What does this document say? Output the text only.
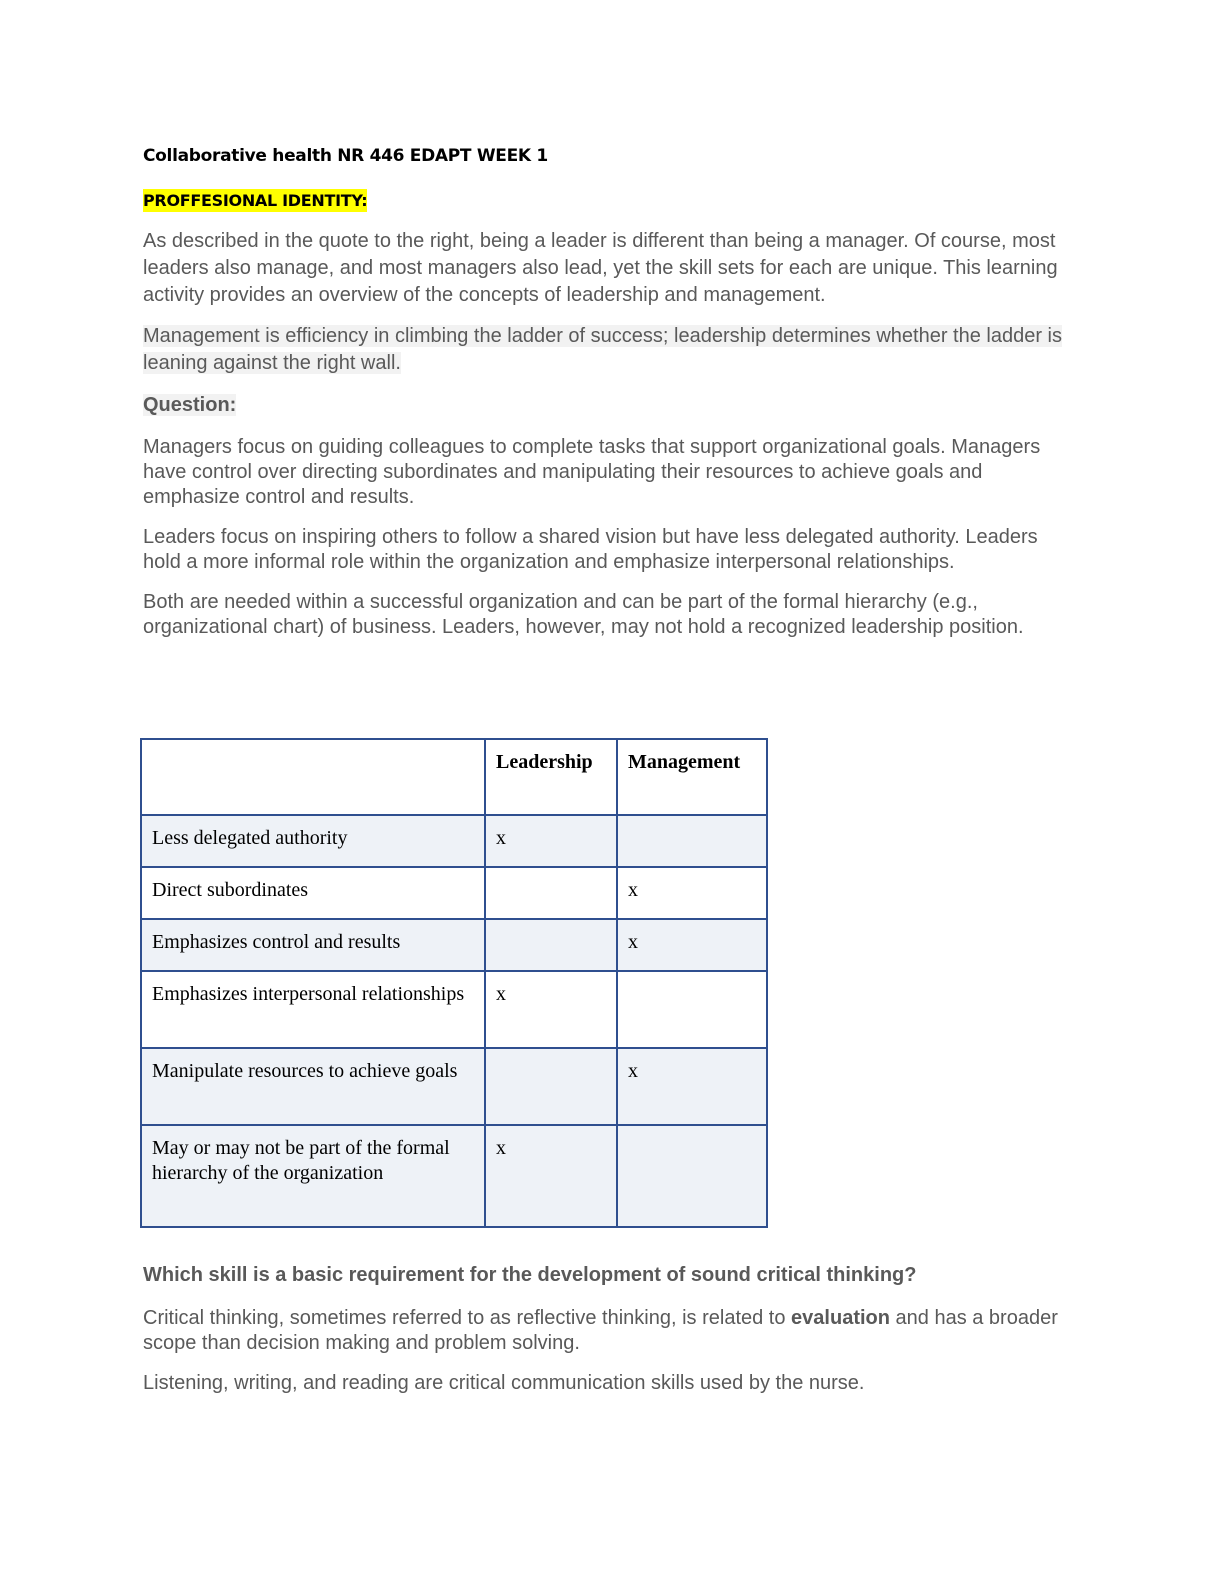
Collaborative health NR 446 EDAPT WEEK 1

PROFFESIONAL IDENTITY:

As described in the quote to the right, being a leader is different than being a manager. Of course, most leaders also manage, and most managers also lead, yet the skill sets for each are unique. This learning activity provides an overview of the concepts of leadership and management.

Management is efficiency in climbing the ladder of success; leadership determines whether the ladder is leaning against the right wall.

Question:

Managers focus on guiding colleagues to complete tasks that support organizational goals. Managers have control over directing subordinates and manipulating their resources to achieve goals and emphasize control and results.

Leaders focus on inspiring others to follow a shared vision but have less delegated authority. Leaders hold a more informal role within the organization and emphasize interpersonal relationships.

Both are needed within a successful organization and can be part of the formal hierarchy (e.g., organizational chart) of business. Leaders, however, may not hold a recognized leadership position.

	Leadership	Management
Less delegated authority	x	
Direct subordinates		x
Emphasizes control and results		x
Emphasizes interpersonal relationships	x	
Manipulate resources to achieve goals		x
May or may not be part of the formal hierarchy of the organization	x	

Which skill is a basic requirement for the development of sound critical thinking?

Critical thinking, sometimes referred to as reflective thinking, is related to evaluation and has a broader scope than decision making and problem solving.

Listening, writing, and reading are critical communication skills used by the nurse.
